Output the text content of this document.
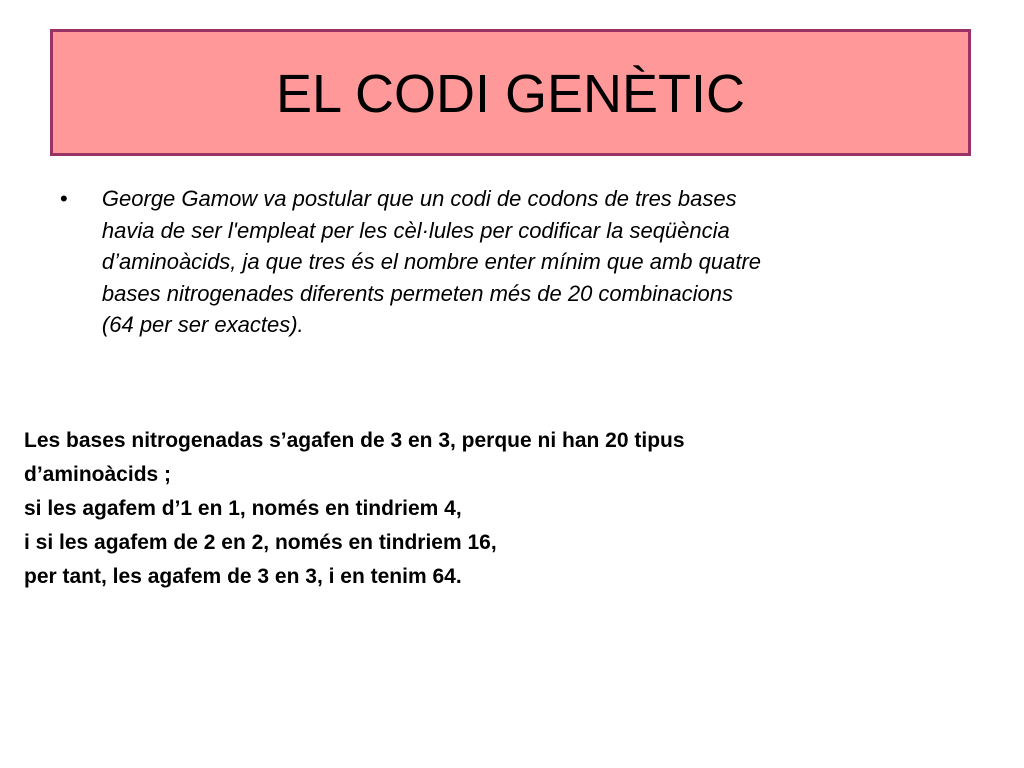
EL CODI GENÈTIC
•	George Gamow va postular que un codi de codons de tres bases
havia de ser l'empleat per les cèl·lules per codificar la seqüència
d’aminoàcids, ja que tres és el nombre enter mínim que amb quatre
bases nitrogenades diferents permeten més de 20 combinacions
(64 per ser exactes).
Les bases nitrogenadas s’agafen de 3 en 3, perque ni han 20 tipus
d’aminoàcids ;
si les agafem d’1 en 1, només en tindriem 4,
i si les agafem de 2 en 2, només en tindriem 16,
per tant, les agafem de 3 en 3, i en tenim 64.
